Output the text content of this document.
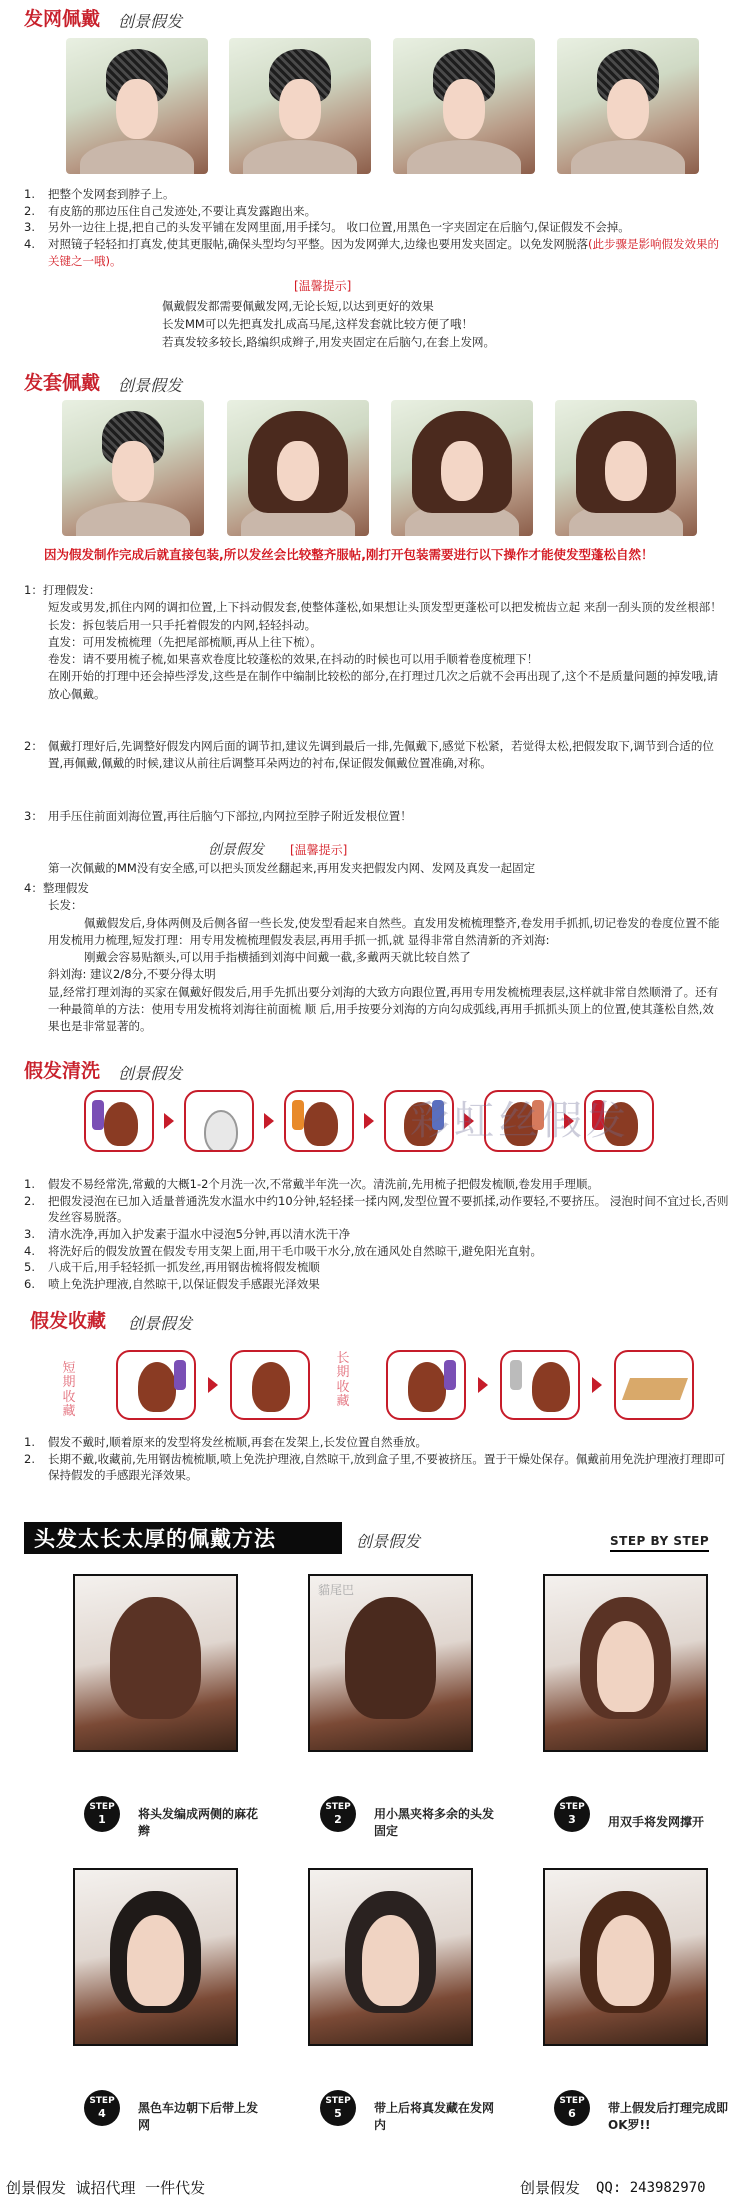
发网佩戴 创景假发
1. 把整个发网套到脖子上。
2. 有皮筋的那边压住自己发迹处,不要让真发露跑出来。
3. 另外一边往上提,把自己的头发平铺在发网里面,用手揉匀。 收口位置,用黑色一字夹固定在后脑勺,保证假发不会掉。
4. 对照镜子轻轻扣打真发,使其更服帖,确保头型均匀平整。因为发网弹大,边缘也要用发夹固定。以免发网脱落(此步骤是影响假发效果的关键之一哦)。
[温馨提示]
佩戴假发都需要佩戴发网,无论长短,以达到更好的效果
长发MM可以先把真发扎成高马尾,这样发套就比较方便了哦！
若真发较多较长,路编织成辫子,用发夹固定在后脑勺,在套上发网。
发套佩戴 创景假发
因为假发制作完成后就直接包装,所以发丝会比较整齐服帖,刚打开包装需要进行以下操作才能使发型蓬松自然！
1：打理假发：
短发或男发,抓住内网的调扣位置,上下抖动假发套,使整体蓬松,如果想让头顶发型更蓬松可以把发梳齿立起 来刮一刮头顶的发丝根部！
长发：拆包装后用一只手托着假发的内网,轻轻抖动。
直发：可用发梳梳理（先把尾部梳顺,再从上往下梳）。
卷发：请不要用梳子梳,如果喜欢卷度比较蓬松的效果,在抖动的时候也可以用手顺着卷度梳理下！
在刚开始的打理中还会掉些浮发,这些是在制作中编制比较松的部分,在打理过几次之后就不会再出现了,这个不是质量问题的掉发哦,请放心佩戴。
2： 佩戴打理好后,先调整好假发内网后面的调节扣,建议先调到最后一排,先佩戴下,感觉下松紧，若觉得太松,把假发取下,调节到合适的位置,再佩戴,佩戴的时候,建议从前往后调整耳朵两边的衬布,保证假发佩戴位置准确,对称。
3： 用手压住前面刘海位置,再往后脑勺下部拉,内网拉至脖子附近发根位置！
创景假发 [温馨提示]
第一次佩戴的MM没有安全感,可以把头顶发丝翻起来,再用发夹把假发内网、发网及真发一起固定
4：整理假发
长发：
佩戴假发后,身体两侧及后侧各留一些长发,使发型看起来自然些。直发用发梳梳理整齐,卷发用手抓抓,切记卷发的卷度位置不能用发梳用力梳理,短发打理：用专用发梳梳理假发表层,再用手抓一抓,就 显得非常自然清新的齐刘海:
刚戴会容易贴额头,可以用手指横插到刘海中间戴一截,多戴两天就比较自然了
斜刘海: 建议2/8分,不要分得太明
显,经常打理刘海的买家在佩戴好假发后,用手先抓出要分刘海的大致方向跟位置,再用专用发梳梳理表层,这样就非常自然顺滑了。还有一种最简单的方法：使用专用发梳将刘海往前面梳 顺 后,用手按要分刘海的方向勾成弧线,再用手抓抓头顶上的位置,使其蓬松自然,效果也是非常显著的。
假发清洗 创景假发
彩虹丝假发
1. 假发不易经常洗,常戴的大概1-2个月洗一次,不常戴半年洗一次。清洗前,先用梳子把假发梳顺,卷发用手理顺。
2. 把假发浸泡在已加入适量普通洗发水温水中约10分钟,轻轻揉一揉内网,发型位置不要抓揉,动作要轻,不要挤压。 浸泡时间不宜过长,否则发丝容易脱落。
3. 清水洗净,再加入护发素于温水中浸泡5分钟,再以清水洗干净
4. 将洗好后的假发放置在假发专用支架上面,用干毛巾吸干水分,放在通风处自然晾干,避免阳光直射。
5. 八成干后,用手轻轻抓一抓发丝,再用钢齿梳将假发梳顺
6. 喷上免洗护理液,自然晾干,以保证假发手感跟光泽效果
假发收藏 创景假发
短期收藏
长期收藏
1. 假发不戴时,顺着原来的发型将发丝梳顺,再套在发架上,长发位置自然垂放。
2. 长期不戴,收藏前,先用钢齿梳梳顺,喷上免洗护理液,自然晾干,放到盒子里,不要被挤压。置于干燥处保存。佩戴前用免洗护理液打理即可保持假发的手感跟光泽效果。
头发太长太厚的佩戴方法	创景假发	STEP BY STEP
STEP
1	将头发编成两侧的麻花辫
貓尾巴
STEP
2	用小黑夹将多余的头发固定
STEP
3	用双手将发网撑开
STEP
4	黑色车边朝下后带上发网
STEP
5	带上后将真发藏在发网内
STEP
6	带上假发后打理完成即OK罗!!
创景假发  诚招代理  一件代发	创景假发 QQ: 243982970
